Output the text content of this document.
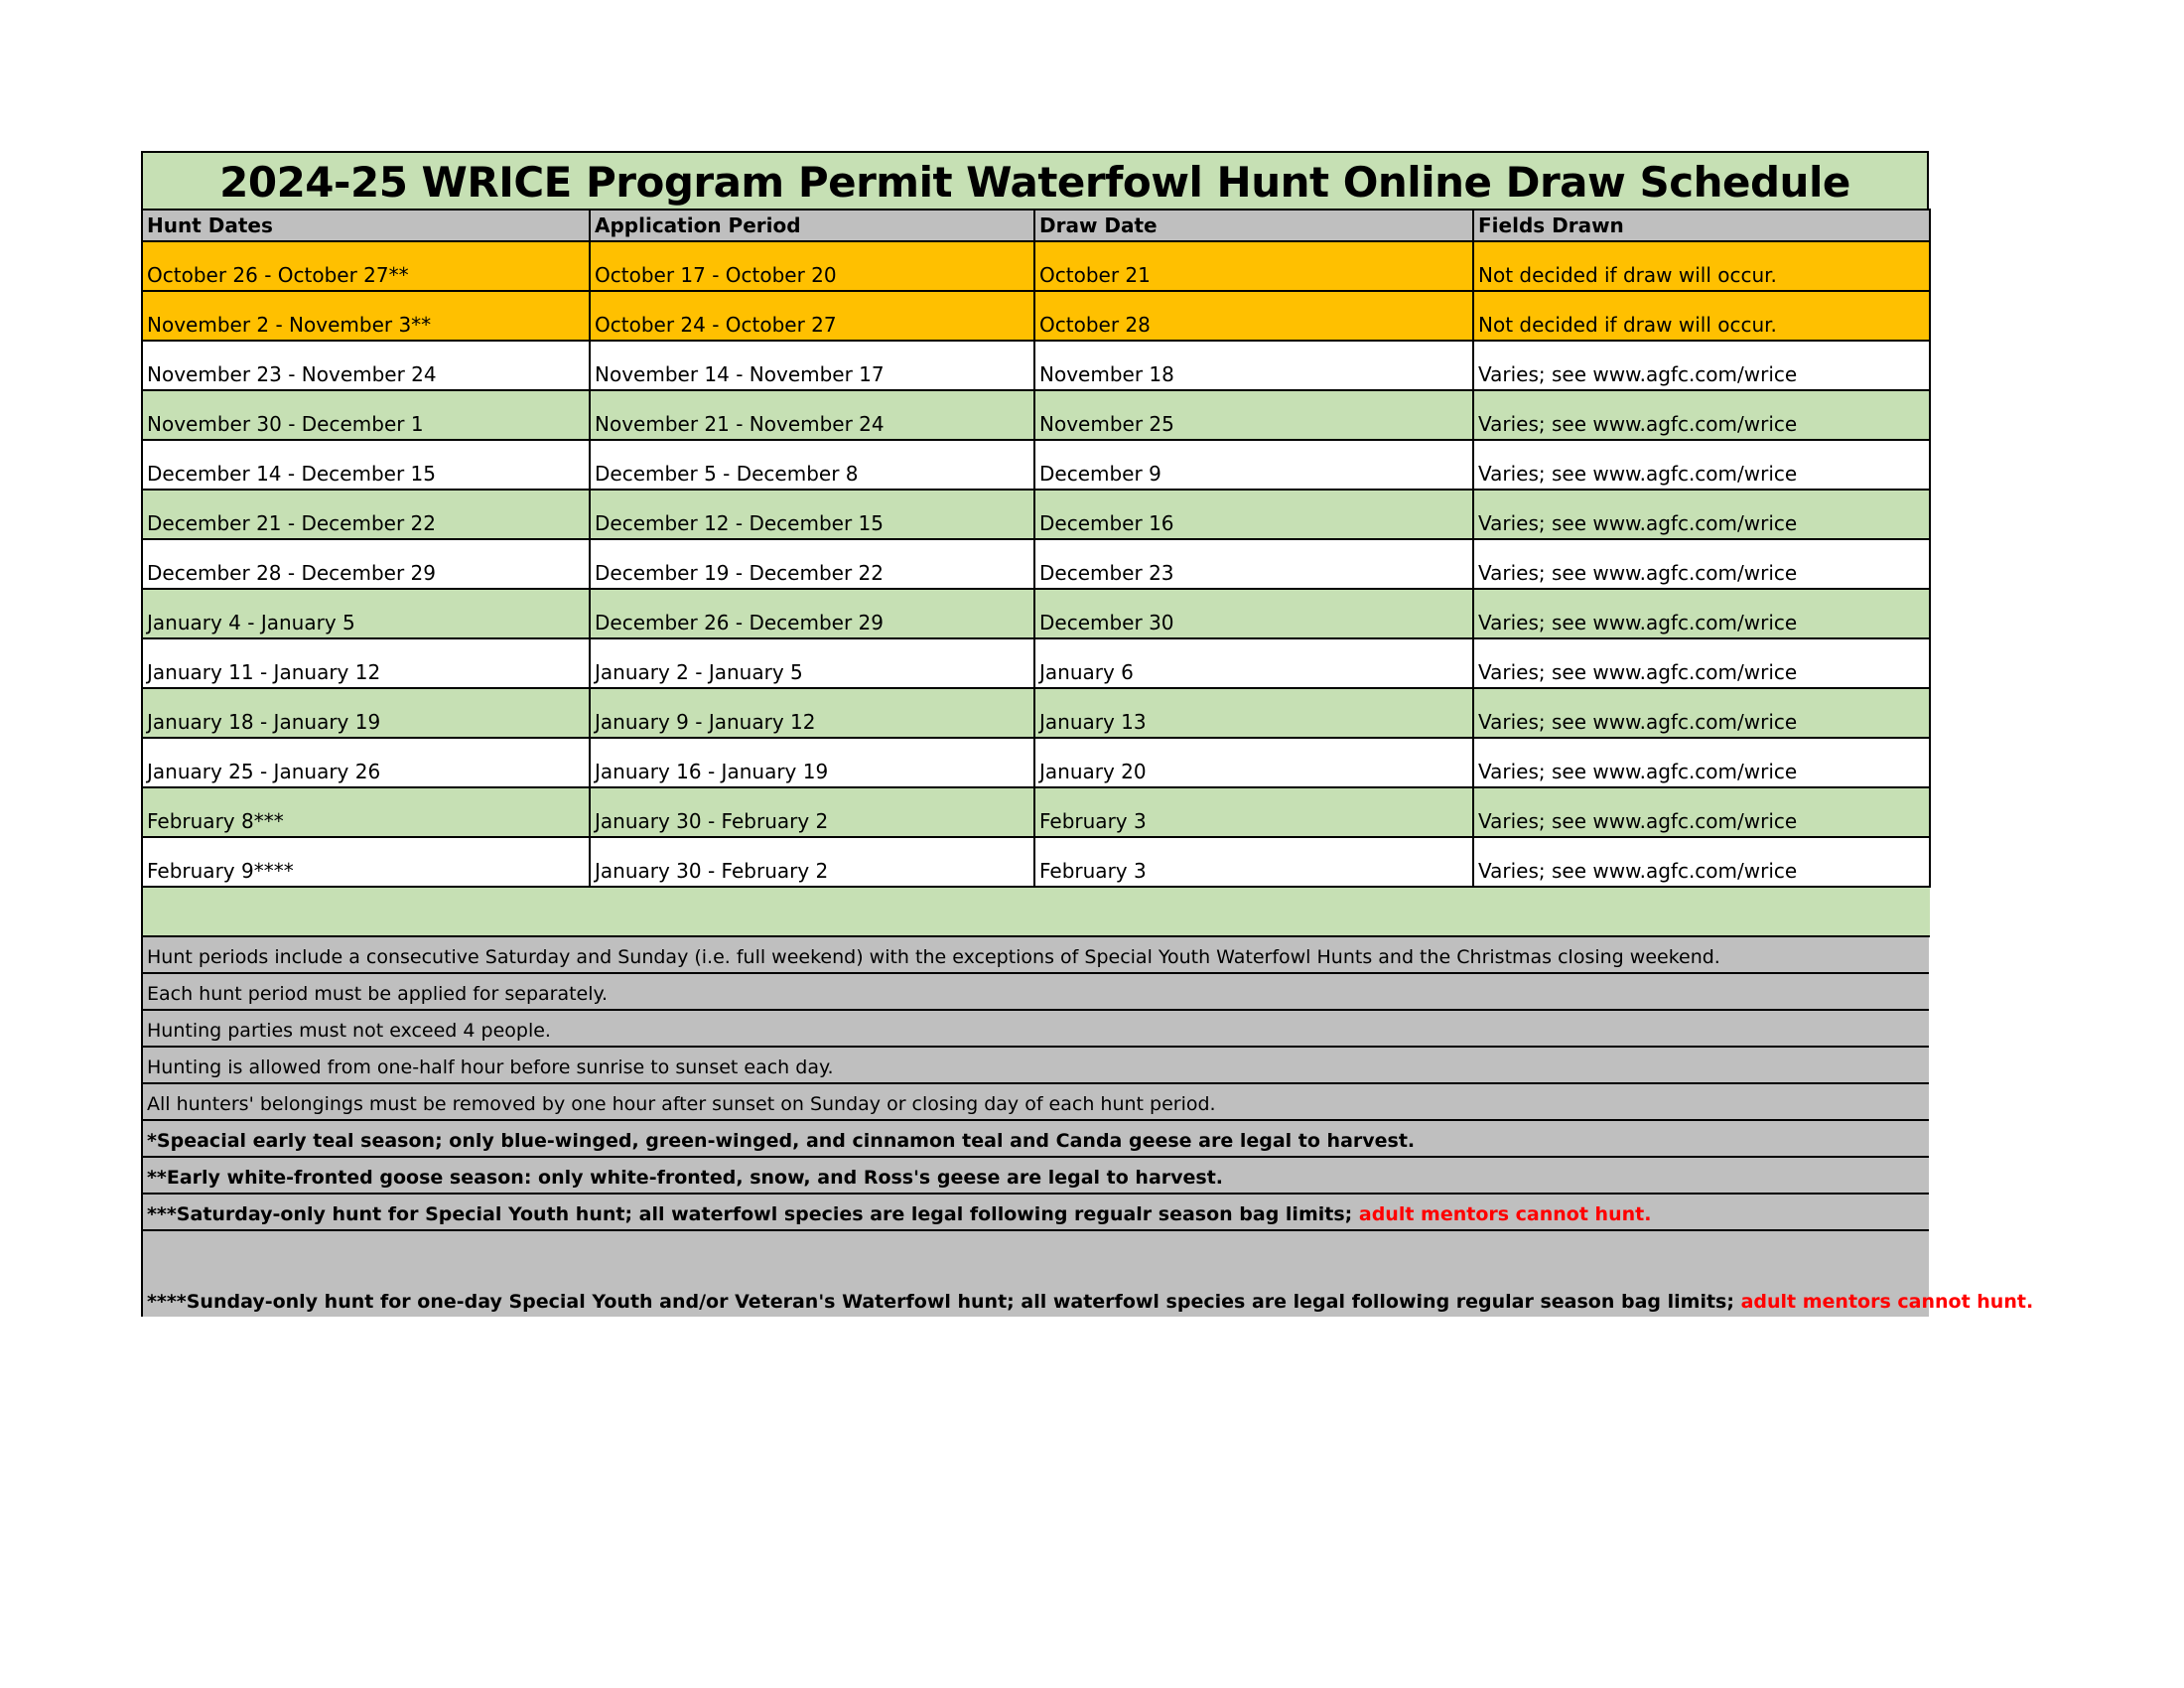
2024-25 WRICE Program Permit Waterfowl Hunt Online Draw Schedule
Hunt Dates	Application Period	Draw Date	Fields Drawn
October 26 - October 27**	October 17 - October 20	October 21	Not decided if draw will occur.
November 2 - November 3**	October 24 - October 27	October 28	Not decided if draw will occur.
November 23 - November 24	November 14 - November 17	November 18	Varies; see www.agfc.com/wrice
November 30 - December 1	November 21 - November 24	November 25	Varies; see www.agfc.com/wrice
December 14 - December 15	December 5 - December 8	December 9	Varies; see www.agfc.com/wrice
December 21 - December 22	December 12 - December 15	December 16	Varies; see www.agfc.com/wrice
December 28 - December 29	December 19 - December 22	December 23	Varies; see www.agfc.com/wrice
January 4 - January 5	December 26 - December 29	December 30	Varies; see www.agfc.com/wrice
January 11 - January 12	January 2 - January 5	January 6	Varies; see www.agfc.com/wrice
January 18 - January 19	January 9 - January 12	January 13	Varies; see www.agfc.com/wrice
January 25 - January 26	January 16 - January 19	January 20	Varies; see www.agfc.com/wrice
February 8***	January 30 - February 2	February 3	Varies; see www.agfc.com/wrice
February 9****	January 30 - February 2	February 3	Varies; see www.agfc.com/wrice

Hunt periods include a consecutive Saturday and Sunday (i.e. full weekend) with the exceptions of Special Youth Waterfowl Hunts and the Christmas closing weekend.
Each hunt period must be applied for separately.
Hunting parties must not exceed 4 people.
Hunting is allowed from one-half hour before sunrise to sunset each day.
All hunters' belongings must be removed by one hour after sunset on Sunday or closing day of each hunt period.
*Speacial early teal season; only blue-winged, green-winged, and cinnamon teal and Canda geese are legal to harvest.
**Early white-fronted goose season: only white-fronted, snow, and Ross's geese are legal to harvest.
***Saturday-only hunt for Special Youth hunt; all waterfowl species are legal following regualr season bag limits; adult mentors cannot hunt.
****Sunday-only hunt for one-day Special Youth and/or Veteran's Waterfowl hunt; all waterfowl species are legal following regular season bag limits; adult mentors cannot hunt.
